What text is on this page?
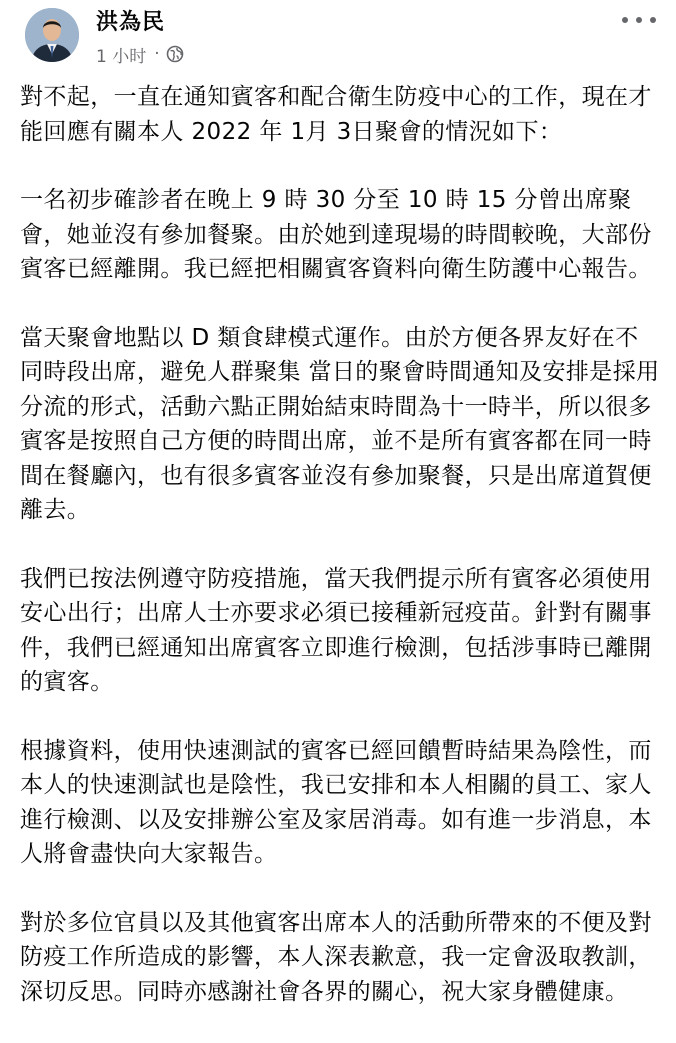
洪為民
1 小时 ·

對不起，一直在通知賓客和配合衛生防疫中心的工作，現在才能回應有關本人 2022 年 1月 3日聚會的情況如下：

一名初步確診者在晚上 9 時 30 分至 10 時 15 分曾出席聚會，她並沒有參加餐聚。由於她到達現場的時間較晚，大部份賓客已經離開。我已經把相關賓客資料向衛生防護中心報告。

當天聚會地點以 D 類食肆模式運作。由於方便各界友好在不同時段出席，避免人群聚集 當日的聚會時間通知及安排是採用分流的形式，活動六點正開始結束時間為十一時半，所以很多賓客是按照自己方便的時間出席，並不是所有賓客都在同一時間在餐廳內，也有很多賓客並沒有參加聚餐，只是出席道賀便離去。

我們已按法例遵守防疫措施，當天我們提示所有賓客必須使用安心出行；出席人士亦要求必須已接種新冠疫苗。針對有關事件，我們已經通知出席賓客立即進行檢測，包括涉事時已離開的賓客。

根據資料，使用快速測試的賓客已經回饋暫時結果為陰性，而本人的快速測試也是陰性，我已安排和本人相關的員工、家人進行檢測、以及安排辦公室及家居消毒。如有進一步消息，本人將會盡快向大家報告。

對於多位官員以及其他賓客出席本人的活動所帶來的不便及對防疫工作所造成的影響，本人深表歉意，我一定會汲取教訓，深切反思。同時亦感謝社會各界的關心，祝大家身體健康。
